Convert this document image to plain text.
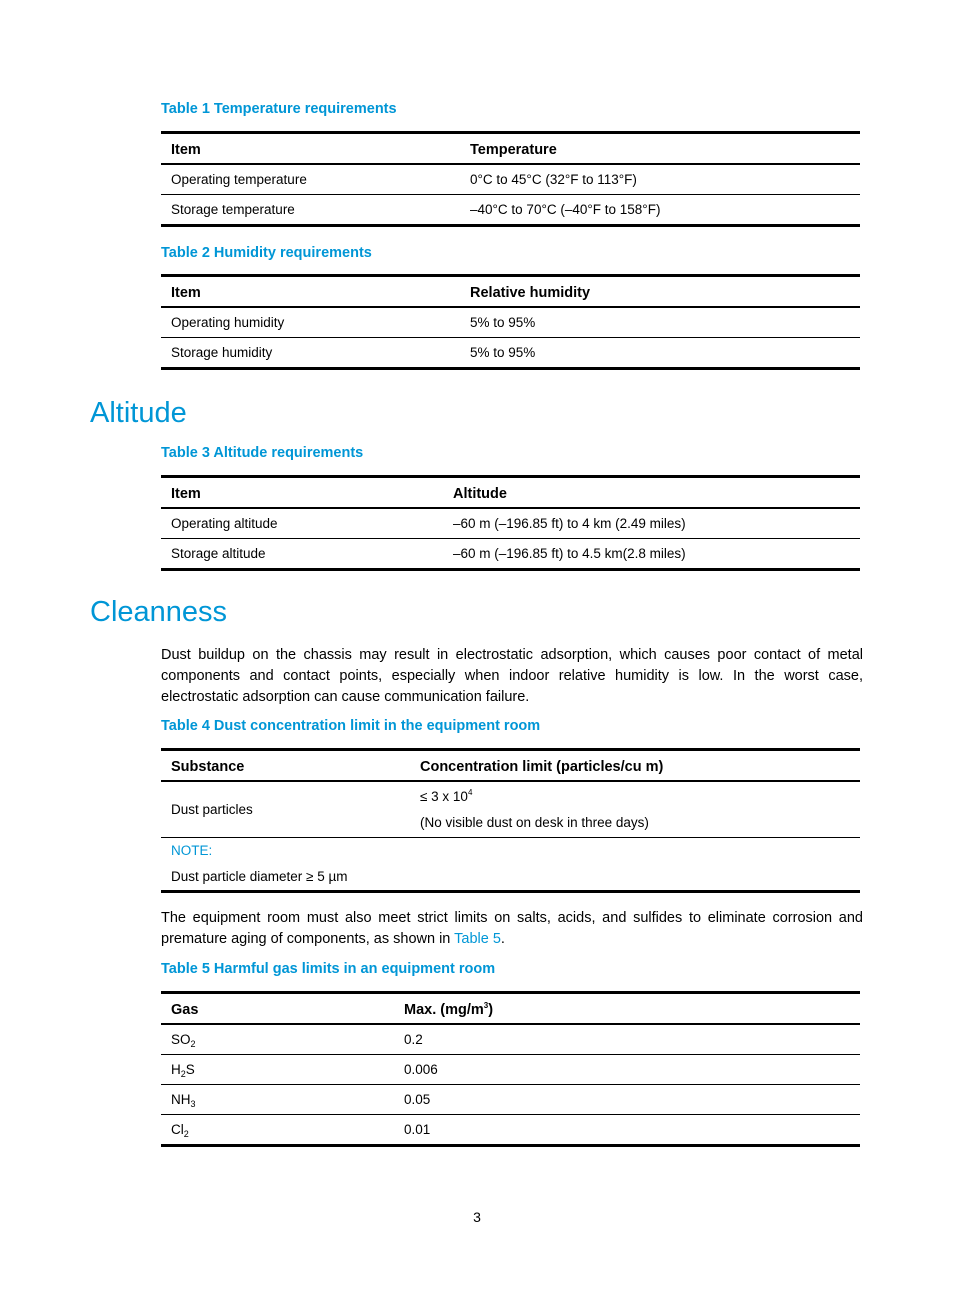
Table 1 Temperature requirements
Item	Temperature
Operating temperature	0°C to 45°C (32°F to 113°F)
Storage temperature	–40°C to 70°C (–40°F to 158°F)
Table 2 Humidity requirements
Item	Relative humidity
Operating humidity	5% to 95%
Storage humidity	5% to 95%
Altitude
Table 3 Altitude requirements
Item	Altitude
Operating altitude	–60 m (–196.85 ft) to 4 km (2.49 miles)
Storage altitude	–60 m (–196.85 ft) to 4.5 km(2.8 miles)
Cleanness

Dust buildup on the chassis may result in electrostatic adsorption, which causes poor contact of metal components and contact points, especially when indoor relative humidity is low. In the worst case, electrostatic adsorption can cause communication failure.

Table 4 Dust concentration limit in the equipment room
Substance	Concentration limit (particles/cu m)
Dust particles	≤ 3 x $10^4$
(No visible dust on desk in three days)

NOTE:
Dust particle diameter ≥ 5 µm	

The equipment room must also meet strict limits on salts, acids, and sulfides to eliminate corrosion and premature aging of components, as shown in Table 5.

Table 5 Harmful gas limits in an equipment room
Gas	Max. $(mg/m^3)$
$SO_2$	0.2
$H_2S$	0.006
$NH_3$	0.05
$Cl_2$	0.01
3
